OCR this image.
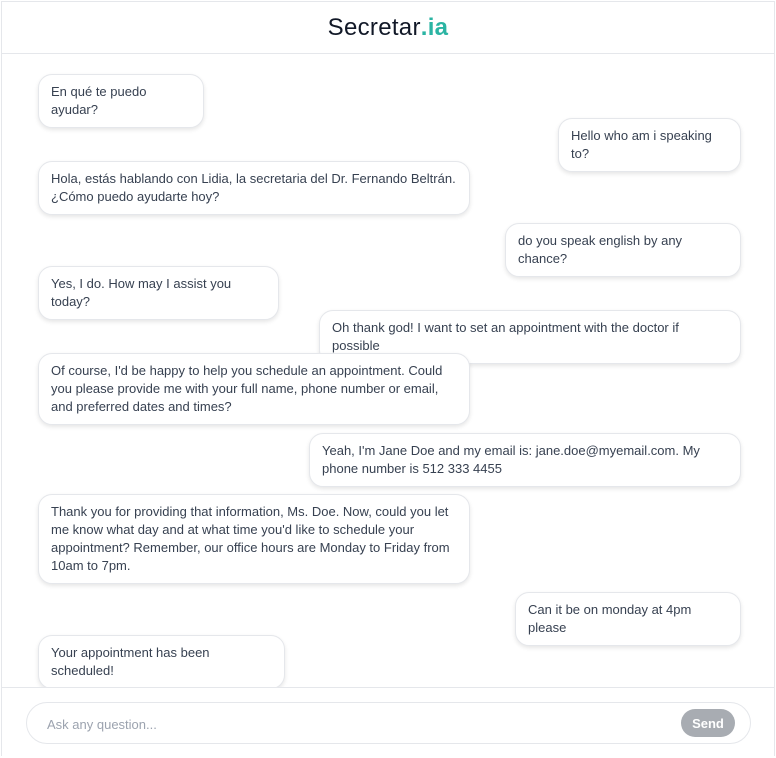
Secretar.ia
En qué te puedo ayudar?
Hello who am i speaking to?
Hola, estás hablando con Lidia, la secretaria del Dr. Fernando Beltrán. ¿Cómo puedo ayudarte hoy?
do you speak english by any chance?
Yes, I do. How may I assist you today?
Oh thank god! I want to set an appointment with the doctor if possible
Of course, I'd be happy to help you schedule an appointment. Could you please provide me with your full name, phone number or email, and preferred dates and times?
Yeah, I'm Jane Doe and my email is: jane.doe@myemail.com. My phone number is 512 333 4455
Thank you for providing that information, Ms. Doe. Now, could you let me know what day and at what time you'd like to schedule your appointment? Remember, our office hours are Monday to Friday from 10am to 7pm.
Can it be on monday at 4pm please
Your appointment has been scheduled!
Ask any question...
Send
